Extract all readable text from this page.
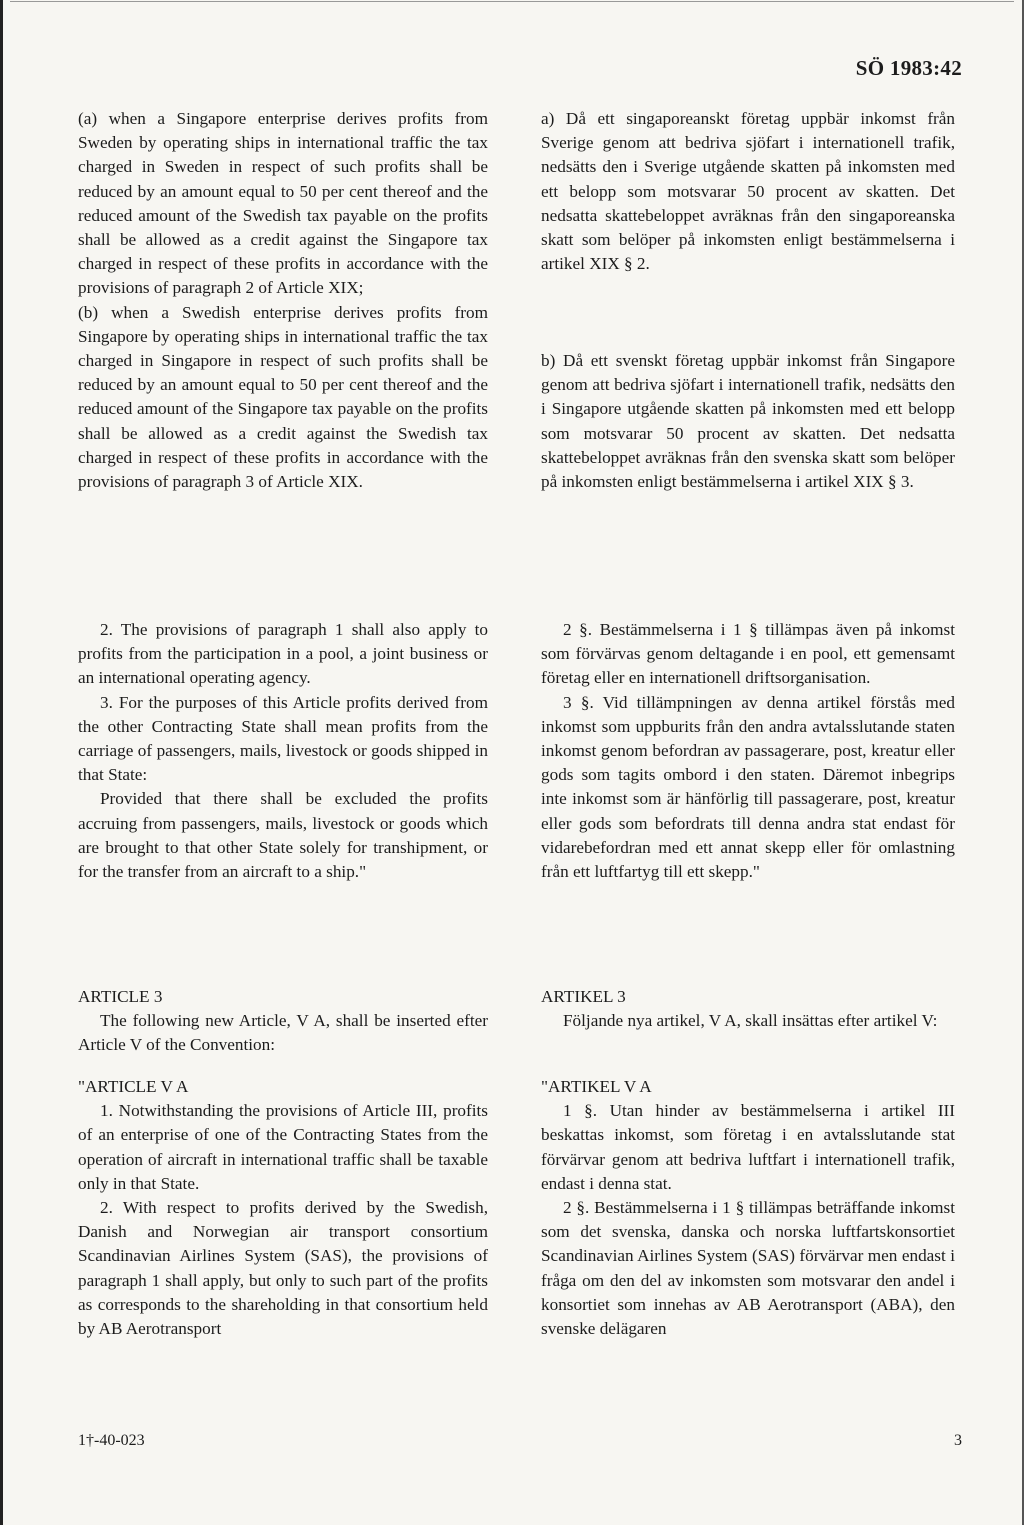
SÖ 1983:42

(a) when a Singapore enterprise derives profits from Sweden by operating ships in international traffic the tax charged in Sweden in respect of such profits shall be reduced by an amount equal to 50 per cent thereof and the reduced amount of the Swedish tax payable on the profits shall be allowed as a credit against the Singapore tax charged in respect of these profits in accordance with the provisions of paragraph 2 of Article XIX;

(b) when a Swedish enterprise derives profits from Singapore by operating ships in international traffic the tax charged in Singapore in respect of such profits shall be reduced by an amount equal to 50 per cent thereof and the reduced amount of the Singapore tax payable on the profits shall be allowed as a credit against the Swedish tax charged in respect of these profits in accordance with the provisions of paragraph 3 of Article XIX.

2. The provisions of paragraph 1 shall also apply to profits from the participation in a pool, a joint business or an international operating agency.

3. For the purposes of this Article profits derived from the other Contracting State shall mean profits from the carriage of passengers, mails, livestock or goods shipped in that State:

Provided that there shall be excluded the profits accruing from passengers, mails, livestock or goods which are brought to that other State solely for transhipment, or for the transfer from an aircraft to a ship."

ARTICLE 3

The following new Article, V A, shall be inserted efter Article V of the Convention:

"ARTICLE V A

1. Notwithstanding the provisions of Article III, profits of an enterprise of one of the Contracting States from the operation of aircraft in international traffic shall be taxable only in that State.

2. With respect to profits derived by the Swedish, Danish and Norwegian air transport consortium Scandinavian Airlines System (SAS), the provisions of paragraph 1 shall apply, but only to such part of the profits as corresponds to the shareholding in that consortium held by AB Aerotransport

a) Då ett singaporeanskt företag uppbär inkomst från Sverige genom att bedriva sjöfart i internationell trafik, nedsätts den i Sverige utgående skatten på inkomsten med ett belopp som motsvarar 50 procent av skatten. Det nedsatta skattebeloppet avräknas från den singaporeanska skatt som belöper på inkomsten enligt bestämmelserna i artikel XIX § 2.

b) Då ett svenskt företag uppbär inkomst från Singapore genom att bedriva sjöfart i internationell trafik, nedsätts den i Singapore utgående skatten på inkomsten med ett belopp som motsvarar 50 procent av skatten. Det nedsatta skattebeloppet avräknas från den svenska skatt som belöper på inkomsten enligt bestämmelserna i artikel XIX § 3.

2 §. Bestämmelserna i 1 § tillämpas även på inkomst som förvärvas genom deltagande i en pool, ett gemensamt företag eller en internationell driftsorganisation.

3 §. Vid tillämpningen av denna artikel förstås med inkomst som uppburits från den andra avtalsslutande staten inkomst genom befordran av passagerare, post, kreatur eller gods som tagits ombord i den staten. Däremot inbegrips inte inkomst som är hänförlig till passagerare, post, kreatur eller gods som befordrats till denna andra stat endast för vidarebefordran med ett annat skepp eller för omlastning från ett luftfartyg till ett skepp."

ARTIKEL 3

Följande nya artikel, V A, skall insättas efter artikel V:

"ARTIKEL V A

1 §. Utan hinder av bestämmelserna i artikel III beskattas inkomst, som företag i en avtalsslutande stat förvärvar genom att bedriva luftfart i internationell trafik, endast i denna stat.

2 §. Bestämmelserna i 1 § tillämpas beträffande inkomst som det svenska, danska och norska luftfartskonsortiet Scandinavian Airlines System (SAS) förvärvar men endast i fråga om den del av inkomsten som motsvarar den andel i konsortiet som innehas av AB Aerotransport (ABA), den svenske delägaren

1†-40-023	3
